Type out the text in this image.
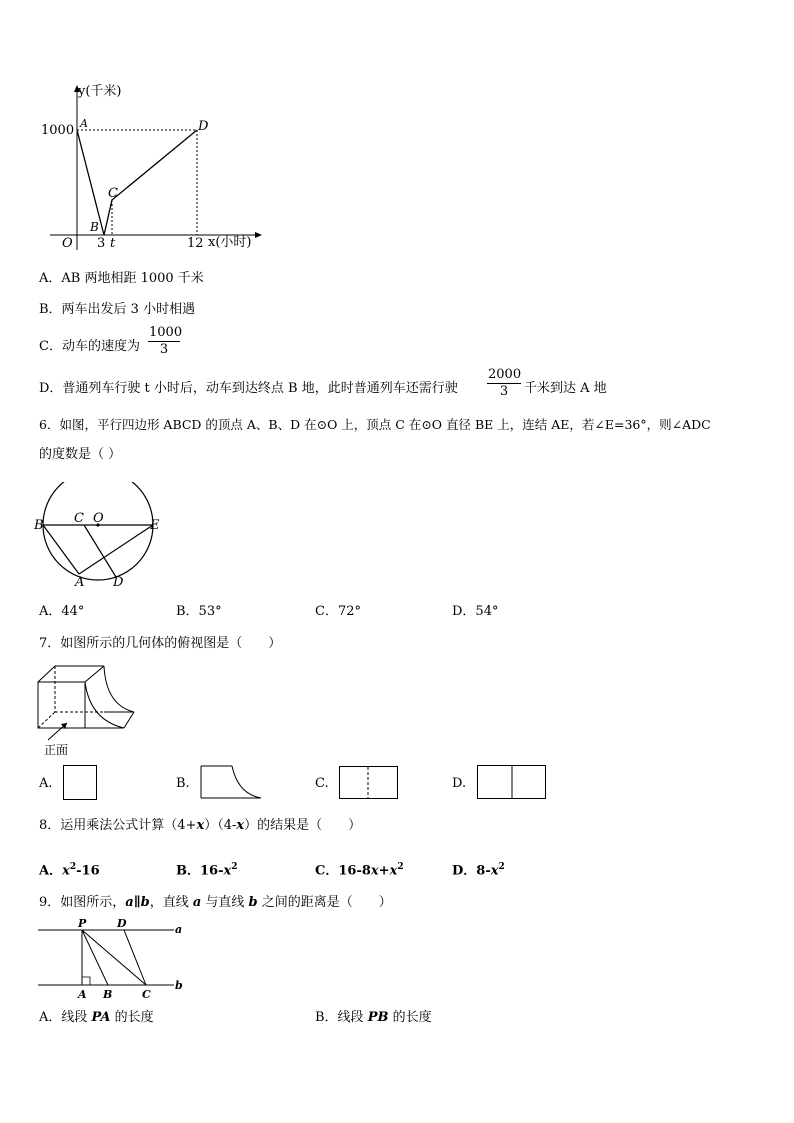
y(千米)
x(小时)
1000
O 3 t	12
A
B
C
D
A．AB 两地相距 1000 千米
B．两车出发后 3 小时相遇
C．动车的速度为 $\frac{1000}{3}$
D．普通列车行驶 t 小时后，动车到达终点 B 地，此时普通列车还需行驶 $\frac{2000}{3}$ 千米到达 A 地
6．如图，平行四边形 ABCD 的顶点 A、B、D 在⊙O 上，顶点 C 在⊙O 直径 BE 上，连结 AE，若∠E=36°，则∠ADC
的度数是（ ）
B C O	E
A D
A．44°	B．53°	C．72°	D．54°
7．如图所示的几何体的俯视图是（　　）
正面
A.	B.	C.	D.
8．运用乘法公式计算（4+x）（4-x）的结果是（　　）
A．$x^2-16$	B．$16-x^2$	C．$16-8x+x^2$	D．$8-x^2$
9．如图所示，a∥b，直线 a 与直线 b 之间的距离是（　　）
P	D	a
A B	C
b
A．线段 PA 的长度	B．线段 PB 的长度
